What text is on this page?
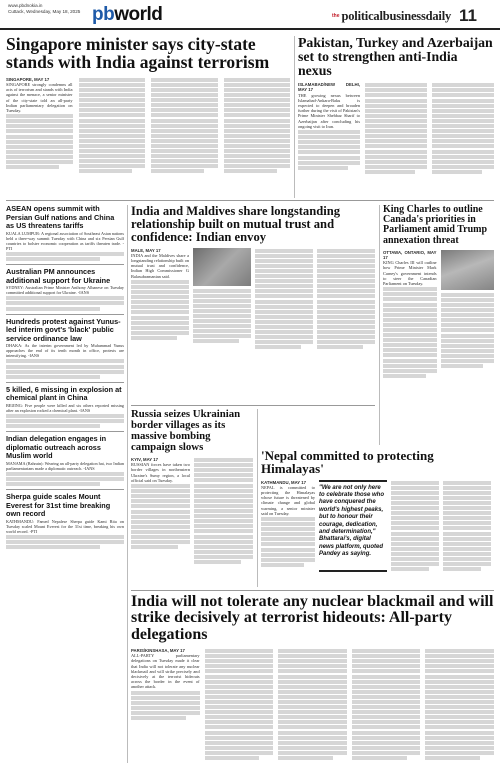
www.pbdnokia.in
Cuttack, Wednesday, May 18, 2025 pbworld	the politicalbusinessdaily 11
Singapore minister says city-state stands with India against terrorism

SINGAPORE, MAY 17

SINGAPORE strongly condemns all acts of terrorism and stands with India against the menace, a senior minister of the city-state told an all-party Indian parliamentary delegation on Tuesday.

Pakistan, Turkey and Azerbaijan set to strengthen anti-India nexus

ISLAMABAD/NEW DELHI, MAY 17

THE growing nexus between Islamabad-Ankara-Baku is expected to deepen and broaden further during the visit of Pakistan's Prime Minister Shehbaz Sharif to Azerbaijan after concluding his ongoing visit to Iran.

ASEAN opens summit with Persian Gulf nations and China as US threatens tariffs

KUALA LUMPUR: A regional association of Southeast Asian nations held a three-way summit Tuesday with China and six Persian Gulf countries to bolster economic cooperation as tariffs threaten trade. -PTI

Australian PM announces additional support for Ukraine

SYDNEY: Australian Prime Minister Anthony Albanese on Tuesday committed additional support for Ukraine. -IANS

Hundreds protest against Yunus-led interim govt's 'black' public service ordinance law

DHAKA: As the interim government led by Muhammad Yunus approaches the end of its tenth month in office, protests are intensifying. -IANS

5 killed, 6 missing in explosion at chemical plant in China

BEIJING: Five people were killed and six others reported missing after an explosion rocked a chemical plant. -IANS

Indian delegation engages in diplomatic outreach across Muslim world

MANAMA (Bahrain): Wearing an all-party delegation hat, two Indian parliamentarians made a diplomatic outreach. -IANS

Sherpa guide scales Mount Everest for 31st time breaking own record

KATHMANDU: Famed Nepalese Sherpa guide Kami Rita on Tuesday scaled Mount Everest for the 31st time, breaking his own world record. -PTI

India and Maldives share longstanding relationship built on mutual trust and confidence: Indian envoy

MALE, MAY 17

INDIA and the Maldives share a longstanding relationship built on mutual trust and confidence, Indian High Commissioner G Balasubramanian said.

King Charles to outline Canada's priorities in Parliament amid Trump annexation threat

OTTAWA, ONTARIO, MAY 17

KING Charles III will outline how Prime Minister Mark Carney's government intends to steer the Canadian Parliament on Tuesday.

Russia seizes Ukrainian border villages as its massive bombing campaign slows

KYIV, MAY 17

RUSSIAN forces have taken two border villages in northeastern Ukraine's Sumy region, a local official said on Tuesday.

'Nepal committed to protecting Himalayas'

KATHMANDU, MAY 17

NEPAL is committed to protecting the Himalayas whose future is threatened by climate change and global warming, a senior minister said on Tuesday.

"We are not only here to celebrate those who have conquered the world's highest peaks, but to honour their courage, dedication, and determination," Bhattarai's, digital news platform, quoted Pandey as saying.
India will not tolerate any nuclear blackmail and will strike decisively at terrorist hideouts: All-party delegations

PARIS/KINSHASA, MAY 17

ALL-PARTY parliamentary delegations on Tuesday made it clear that India will not tolerate any nuclear blackmail and will strike precisely and decisively at the terrorist hideouts across the border in the event of another attack.
